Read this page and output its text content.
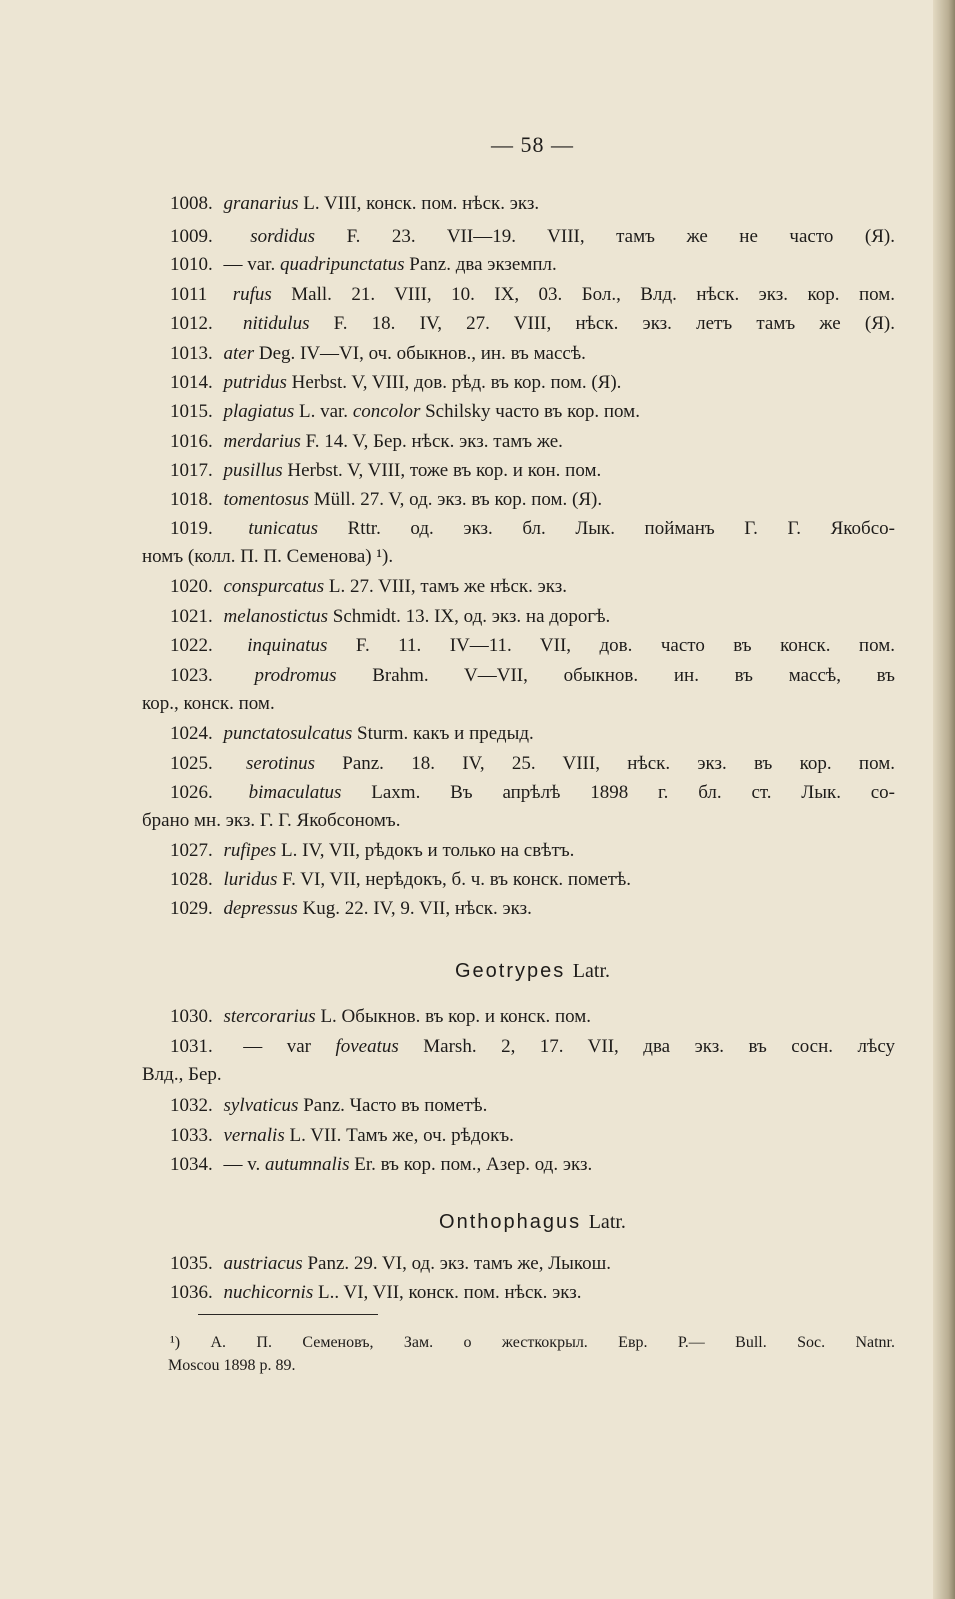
— 58 —
1008. granarius L. VIII, конск. пом. нѣск. экз.
1009. sordidus F. 23. VII—19. VIII, тамъ же не часто (Я).
1010. — var. quadripunctatus Panz. два экземпл.
1011 rufus Mall. 21. VIII, 10. IX, 03. Бол., Влд. нѣск. экз. кор. пом.
1012. nitidulus F. 18. IV, 27. VIII, нѣск. экз. летъ тамъ же (Я).
1013. ater Deg. IV—VI, оч. обыкнов., ин. въ массѣ.
1014. putridus Herbst. V, VIII, дов. рѣд. въ кор. пом. (Я).
1015. plagiatus L. var. concolor Schilsky часто въ кор. пом.
1016. merdarius F. 14. V, Бер. нѣск. экз. тамъ же.
1017. pusillus Herbst. V, VIII, тоже въ кор. и кон. пом.
1018. tomentosus Müll. 27. V, од. экз. въ кор. пом. (Я).
1019. tunicatus Rttr. од. экз. бл. Лык. пойманъ Г. Г. Якобсо-
номъ (колл. П. П. Семенова) ¹).
1020. conspurcatus L. 27. VIII, тамъ же нѣск. экз.
1021. melanostictus Schmidt. 13. IX, од. экз. на дорогѣ.
1022. inquinatus F. 11. IV—11. VII, дов. часто въ конск. пом.
1023. prodromus Brahm. V—VII, обыкнов. ин. въ массѣ, въ
кор., конск. пом.
1024. punctatosulcatus Sturm. какъ и предыд.
1025. serotinus Panz. 18. IV, 25. VIII, нѣск. экз. въ кор. пом.
1026. bimaculatus Laxm. Въ апрѣлѣ 1898 г. бл. ст. Лык. со-
брано мн. экз. Г. Г. Якобсономъ.
1027. rufipes L. IV, VII, рѣдокъ и только на свѣтъ.
1028. luridus F. VI, VII, нерѣдокъ, б. ч. въ конск. пометѣ.
1029. depressus Kug. 22. IV, 9. VII, нѣск. экз.
Geotrypes Latr.
1030. stercorarius L. Обыкнов. въ кор. и конск. пом.
1031. — var foveatus Marsh. 2, 17. VII, два экз. въ сосн. лѣсу
Влд., Бер.
1032. sylvaticus Panz. Часто въ пометѣ.
1033. vernalis L. VII. Тамъ же, оч. рѣдокъ.
1034. — v. autumnalis Er. въ кор. пом., Азер. од. экз.
Onthophagus Latr.
1035. austriacus Panz. 29. VI, од. экз. тамъ же, Лыкош.
1036. nuchicornis L.. VI, VII, конск. пом. нѣск. экз.
¹) А. П. Семеновъ, Зам. о жесткокрыл. Евр. Р.— Bull. Soc. Natnr.
Moscou 1898 p. 89.
